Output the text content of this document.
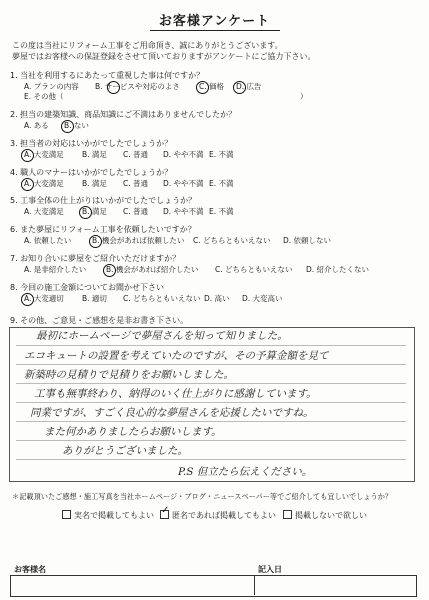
お客様アンケート
この度は当社にリフォーム工事をご用命頂き、誠にありがとうございます。
夢屋ではお客様への保証登録をさせて頂いておりますがアンケートにご協力下さい。
1. 当社を利用するにあたって重視した事は何ですか？
A. プランの内容 B. サービスや対応のよさ	C. 価格 D. 広告
E. その他（	）
2. 担当の建築知識、商品知識にご不満はありませんでしたか？
A. ある B. ない
3. 担当者の対応はいかがでしたでしょうか？
A. 大変満足 B. 満足 C. 普通 D. やや不満 E. 不満
4. 職人のマナーはいかがでしたでしょうか？
A. 大変満足 B. 満足 C. 普通 D. やや不満 E. 不満
5. 工事全体の仕上がりはいかがでしたでしょうか？
A. 大変満足 B. 満足 C. 普通 D. やや不満 E. 不満
6. また夢屋にリフォーム工事を依頼したいですか？
A. 依頼したい	B. 機会があれば依頼したい C. どちらともいえない D. 依頼しない
7. お知り合いに夢屋をご紹介いただけますか？
A. 是非紹介したい	B. 機会があれば紹介したい C. どちらともいえない D. 紹介したくない
8. 今回の施工金額についてお聞かせ下さい
A. 大変適切 B. 適切 C. どちらともいえない D. 高い D. 大変高い
9. その他、ご意見・ご感想を是非お書き下さい。
最初にホームページで夢屋さんを知って知りました。
エコキュートの設置を考えていたのですが、その予算金額を見て
新築時の見積りで見積りをお願いしました。
工事も無事終わり、納得のいく仕上がりに感謝しています。
同業ですが、すごく良心的な夢屋さんを応援したいですね。
また何かありましたらお願いします。
ありがとうございました。
P.S 但立たら伝えください。
＊記載頂いたご感想・施工写真を当社ホームページ・ブログ・ニュースペーパー等でご紹介しても宜しいでしょうか？
実名で掲載してもよい ✓ 匿名であれば掲載してもよい	掲載しないで欲しい
お客様名	記入日
